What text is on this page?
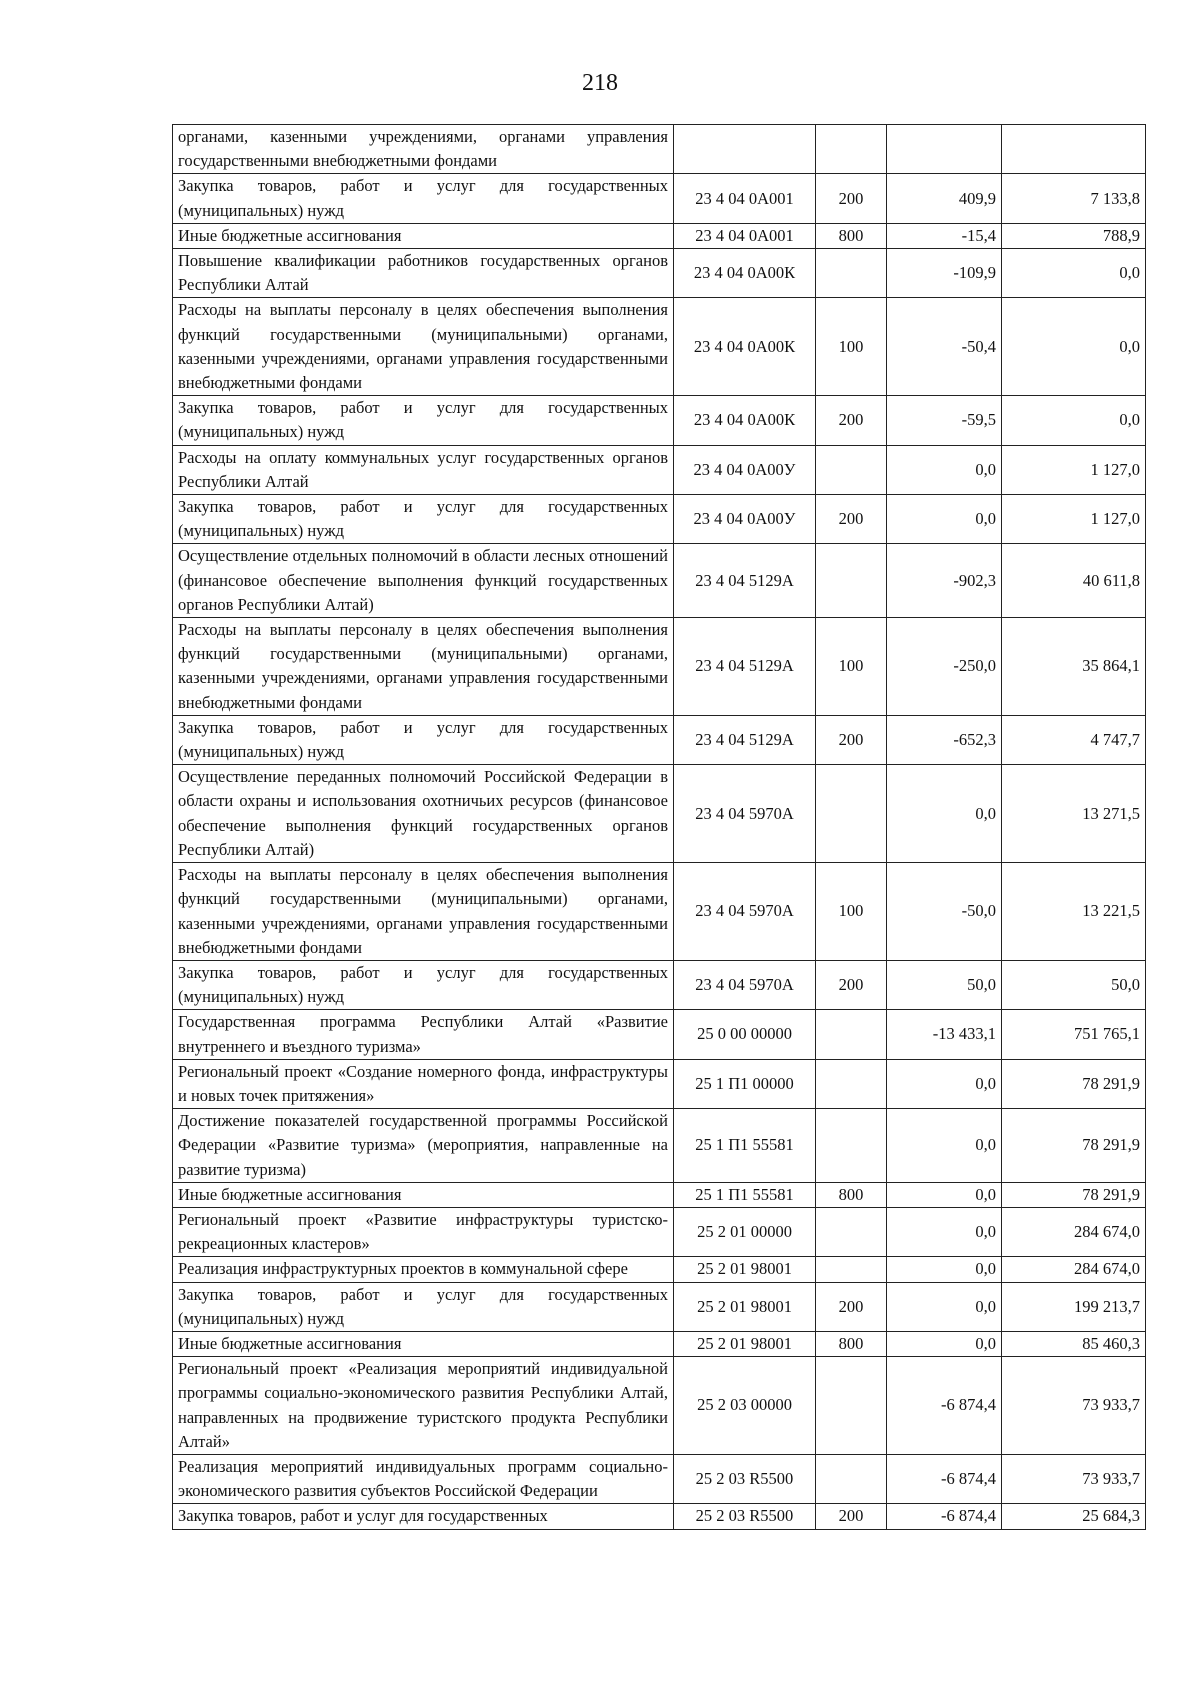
218
органами, казенными учреждениями, органами управления государственными внебюджетными фондами				
Закупка товаров, работ и услуг для государственных (муниципальных) нужд	23 4 04 0А001	200	409,9	7 133,8
Иные бюджетные ассигнования	23 4 04 0А001	800	-15,4	788,9
Повышение квалификации работников государственных органов Республики Алтай	23 4 04 0А00К		-109,9	0,0
Расходы на выплаты персоналу в целях обеспечения выполнения функций государственными (муниципальными) органами, казенными учреждениями, органами управления государственными внебюджетными фондами	23 4 04 0А00К	100	-50,4	0,0
Закупка товаров, работ и услуг для государственных (муниципальных) нужд	23 4 04 0А00К	200	-59,5	0,0
Расходы на оплату коммунальных услуг государственных органов Республики Алтай	23 4 04 0А00У		0,0	1 127,0
Закупка товаров, работ и услуг для государственных (муниципальных) нужд	23 4 04 0А00У	200	0,0	1 127,0
Осуществление отдельных полномочий в области лесных отношений (финансовое обеспечение выполнения функций государственных органов Республики Алтай)	23 4 04 5129А		-902,3	40 611,8
Расходы на выплаты персоналу в целях обеспечения выполнения функций государственными (муниципальными) органами, казенными учреждениями, органами управления государственными внебюджетными фондами	23 4 04 5129А	100	-250,0	35 864,1
Закупка товаров, работ и услуг для государственных (муниципальных) нужд	23 4 04 5129А	200	-652,3	4 747,7
Осуществление переданных полномочий Российской Федерации в области охраны и использования охотничьих ресурсов (финансовое обеспечение выполнения функций государственных органов Республики Алтай)	23 4 04 5970А		0,0	13 271,5
Расходы на выплаты персоналу в целях обеспечения выполнения функций государственными (муниципальными) органами, казенными учреждениями, органами управления государственными внебюджетными фондами	23 4 04 5970А	100	-50,0	13 221,5
Закупка товаров, работ и услуг для государственных (муниципальных) нужд	23 4 04 5970А	200	50,0	50,0
Государственная программа Республики Алтай «Развитие внутреннего и въездного туризма»	25 0 00 00000		-13 433,1	751 765,1
Региональный проект «Создание номерного фонда, инфраструктуры и новых точек притяжения»	25 1 П1 00000		0,0	78 291,9
Достижение показателей государственной программы Российской Федерации «Развитие туризма» (мероприятия, направленные на развитие туризма)	25 1 П1 55581		0,0	78 291,9
Иные бюджетные ассигнования	25 1 П1 55581	800	0,0	78 291,9
Региональный проект «Развитие инфраструктуры туристско-рекреационных кластеров»	25 2 01 00000		0,0	284 674,0
Реализация инфраструктурных проектов в коммунальной сфере	25 2 01 98001		0,0	284 674,0
Закупка товаров, работ и услуг для государственных (муниципальных) нужд	25 2 01 98001	200	0,0	199 213,7
Иные бюджетные ассигнования	25 2 01 98001	800	0,0	85 460,3
Региональный проект «Реализация мероприятий индивидуальной программы социально-экономического развития Республики Алтай, направленных на продвижение туристского продукта Республики Алтай»	25 2 03 00000		-6 874,4	73 933,7
Реализация мероприятий индивидуальных программ социально-экономического развития субъектов Российской Федерации	25 2 03 R5500		-6 874,4	73 933,7
Закупка товаров, работ и услуг для государственных	25 2 03 R5500	200	-6 874,4	25 684,3
